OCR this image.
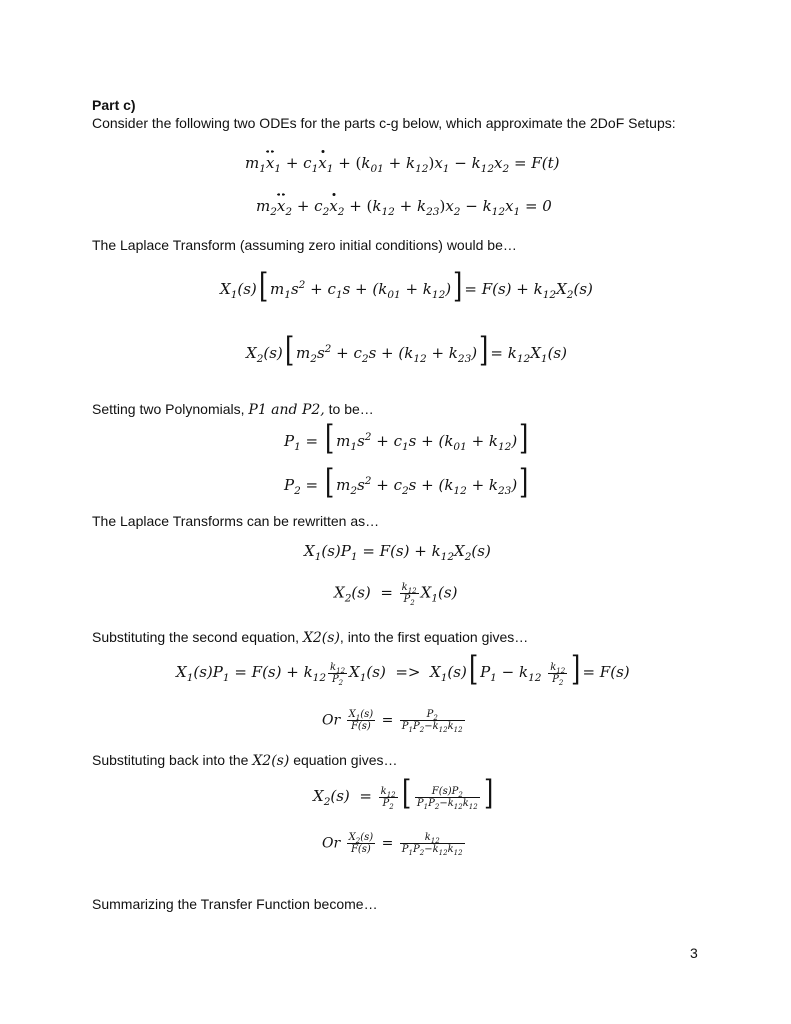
Part c)
Consider the following two ODEs for the parts c-g below, which approximate the 2DoF Setups:
$m_1x_1 + c_1x_1 + (k_{01} + k_{12})x_1 - k_{12}x_2 = F(t)$
$m_2x_2 + c_2x_2 + (k_{12} + k_{23})x_2 - k_{12}x_1 = 0$
The Laplace Transform (assuming zero initial conditions) would be…
$X_1(s)$[ $m_1s^2 + c_1s + (k_{01} + k_{12})] = F(s) + k_{12}X_2(s)$
$X_2(s)$[ $m_2s^2 + c_2s + (k_{12} + k_{23})] = k_{12}X_1(s)$
Setting two Polynomials, P1 and P2, to be…
$P_1$ = [ $m_1s^2 + c_1s + (k_{01} + k_{12})$]
$P_2$ = [ $m_2s^2 + c_2s + (k_{12} + k_{23})$]
The Laplace Transforms can be rewritten as…
$X_1(s)P_1 = F(s) + k_{12}X_2(s)$
$X_2(s) = \frac{k_{12}}{P_2} X_1(s)$
Substituting the second equation, X2(s), into the first equation gives…
$X_1(s)P_1 = F(s) + k_{12} \frac{k_{12}}{P_2} X_1(s) => X_1(s)$[ $P_1 - k_{12} \frac{k_{12}}{P_2}$ ] = F(s)
Or $\frac{X_1(s)}{F(s)} = \frac{P_2}{P_1P_2-k_{12}k_{12}}$
Substituting back into the X2(s) equation gives…
$X_2(s) = \frac{k_{12}}{P_2}$ [ $\frac{F(s)P_2}{P_1P_2-k_{12}k_{12}}$ ]
Or $\frac{X_2(s)}{F(s)} = \frac{k_{12}}{P_1P_2-k_{12}k_{12}}$
Summarizing the Transfer Function become…
3
